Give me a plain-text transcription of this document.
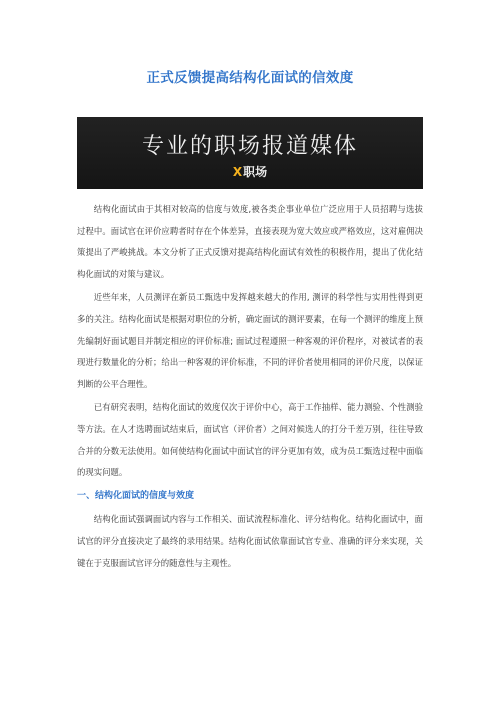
正式反馈提高结构化面试的信效度
专业的职场报道媒体
X职场

结构化面试由于其相对较高的信度与效度,被各类企事业单位广泛应用于人员招聘与选拔过程中。面试官在评价应聘者时存在个体差异，直接表现为宽大效应或严格效应，这对雇佣决策提出了严峻挑战。本文分析了正式反馈对提高结构化面试有效性的积极作用，提出了优化结构化面试的对策与建议。

近些年来，人员测评在新员工甄选中发挥越来越大的作用, 测评的科学性与实用性得到更多的关注。结构化面试是根据对职位的分析，确定面试的测评要素，在每一个测评的维度上预先编制好面试题目并制定相应的评价标准; 面试过程遵照一种客观的评价程序，对被试者的表现进行数量化的分析；给出一种客观的评价标准，不同的评价者使用相同的评价尺度，以保证判断的公平合理性。

已有研究表明，结构化面试的效度仅次于评价中心，高于工作抽样、能力测验、个性测验等方法。在人才选聘面试结束后，面试官（评价者）之间对候选人的打分千差万别，往往导致合并的分数无法使用。如何使结构化面试中面试官的评分更加有效，成为员工甄选过程中面临的现实问题。

一、结构化面试的信度与效度

结构化面试强调面试内容与工作相关、面试流程标准化、评分结构化。结构化面试中，面试官的评分直接决定了最终的录用结果。结构化面试依靠面试官专业、准确的评分来实现，关键在于克服面试官评分的随意性与主观性。
